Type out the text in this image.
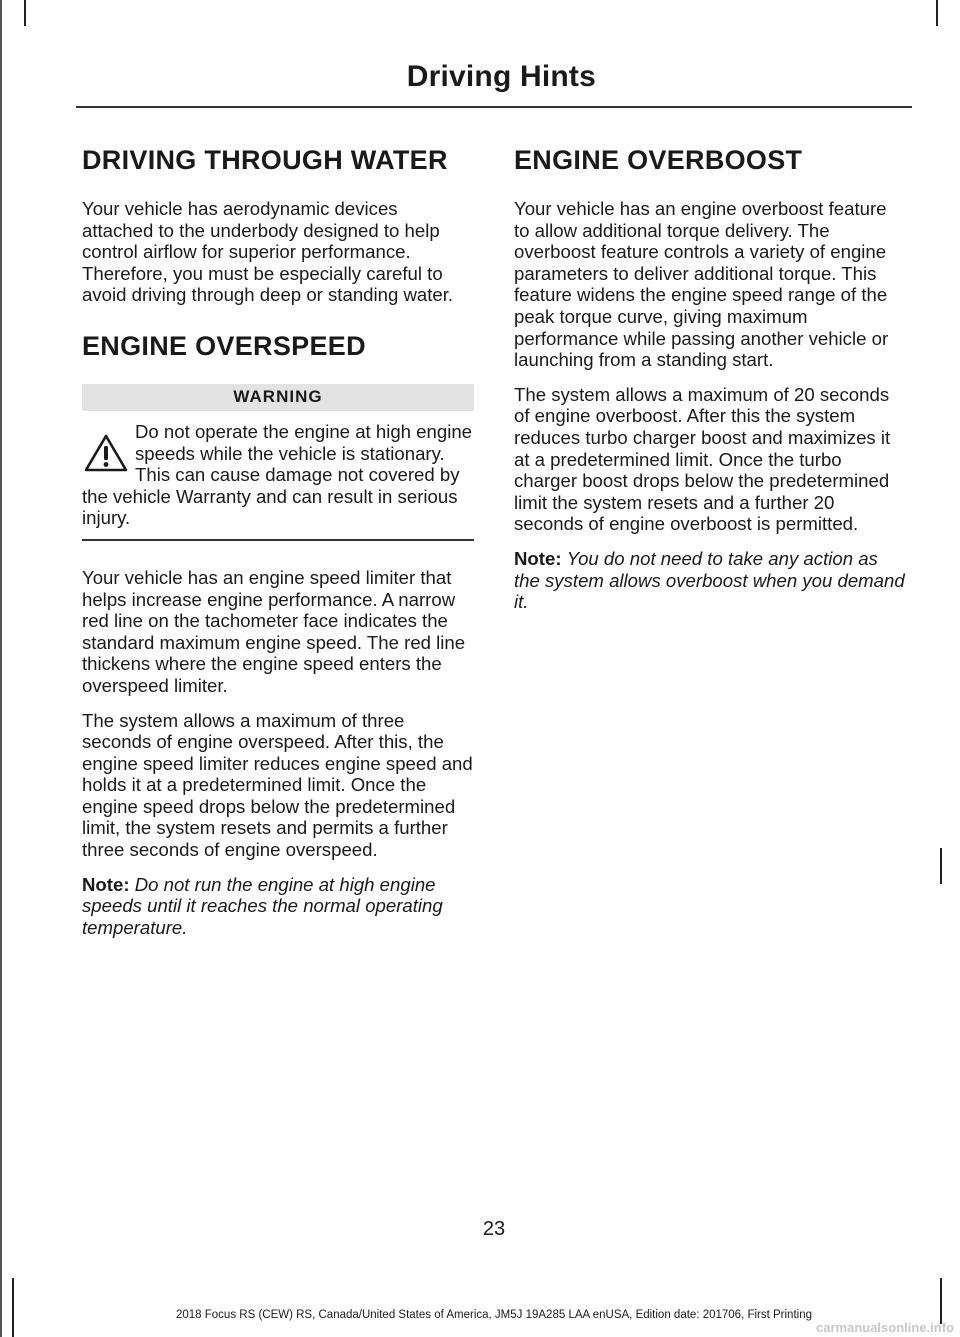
Driving Hints
DRIVING THROUGH WATER

Your vehicle has aerodynamic devices attached to the underbody designed to help control airflow for superior performance. Therefore, you must be especially careful to avoid driving through deep or standing water.

ENGINE OVERSPEED
WARNING

Do not operate the engine at high engine speeds while the vehicle is stationary. This can cause damage not covered by the vehicle Warranty and can result in serious injury.

Your vehicle has an engine speed limiter that helps increase engine performance. A narrow red line on the tachometer face indicates the standard maximum engine speed. The red line thickens where the engine speed enters the overspeed limiter.

The system allows a maximum of three seconds of engine overspeed. After this, the engine speed limiter reduces engine speed and holds it at a predetermined limit. Once the engine speed drops below the predetermined limit, the system resets and permits a further three seconds of engine overspeed.

Note: Do not run the engine at high engine speeds until it reaches the normal operating temperature.

ENGINE OVERBOOST

Your vehicle has an engine overboost feature to allow additional torque delivery. The overboost feature controls a variety of engine parameters to deliver additional torque. This feature widens the engine speed range of the peak torque curve, giving maximum performance while passing another vehicle or launching from a standing start.

The system allows a maximum of 20 seconds of engine overboost. After this the system reduces turbo charger boost and maximizes it at a predetermined limit. Once the turbo charger boost drops below the predetermined limit the system resets and a further 20 seconds of engine overboost is permitted.

Note: You do not need to take any action as the system allows overboost when you demand it.

23
2018 Focus RS (CEW) RS, Canada/United States of America, JM5J 19A285 LAA enUSA, Edition date: 201706, First Printing
carmanualsonline.info
